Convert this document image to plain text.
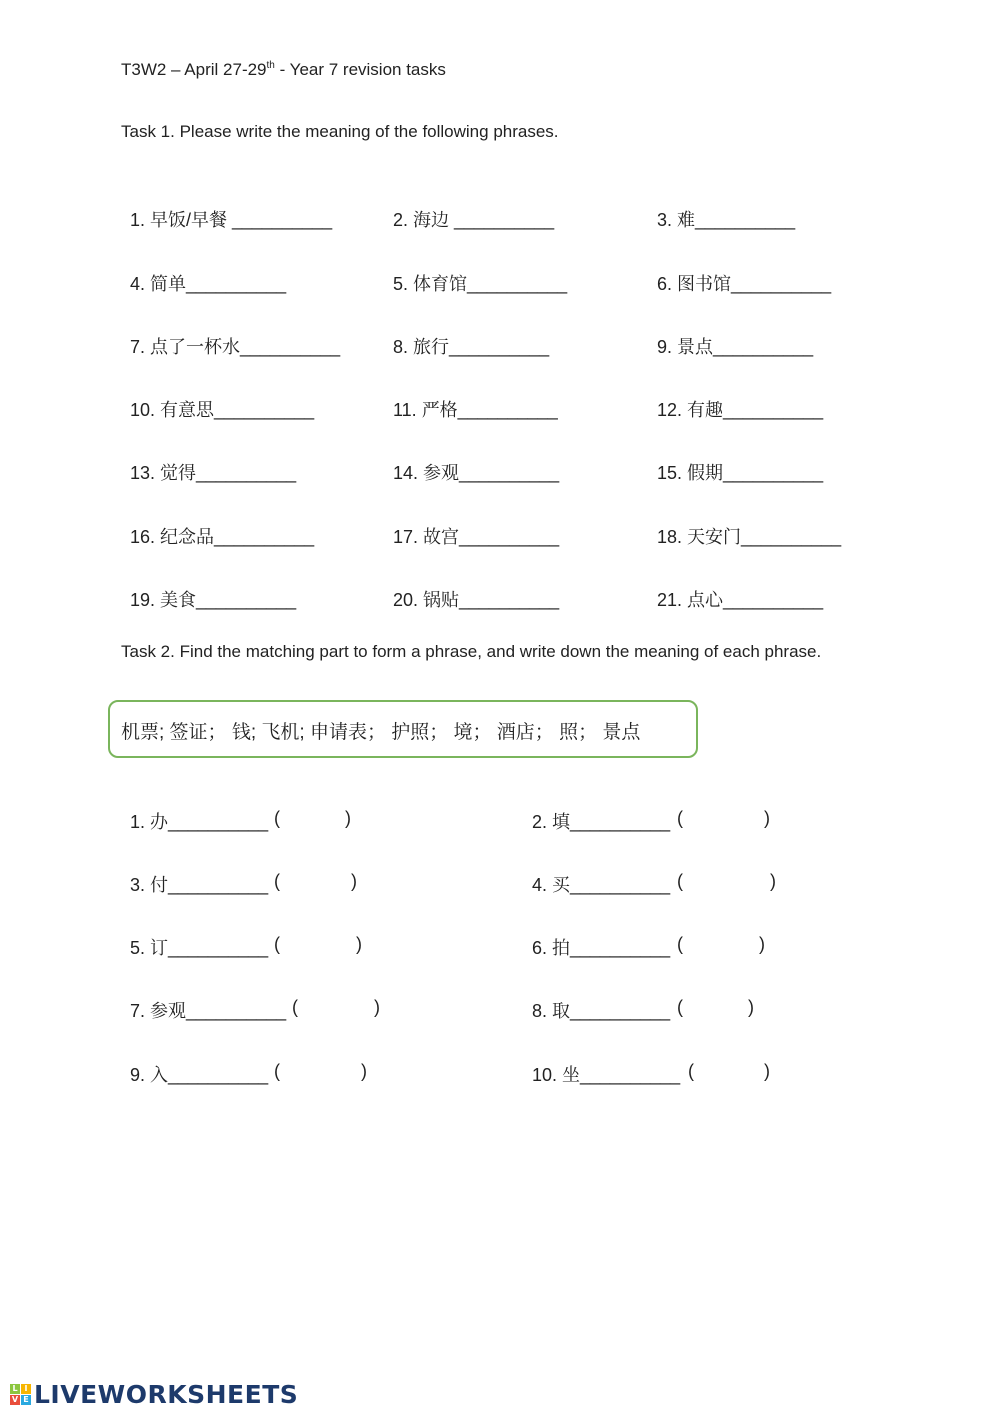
T3W2 – April 27-29th - Year 7 revision tasks
Task 1. Please write the meaning of the following phrases.
1. 早饭/早餐 __________	2. 海边 __________	3. 难__________
4. 简单__________	5. 体育馆__________	6. 图书馆__________
7. 点了一杯水__________	8. 旅行__________	9. 景点__________
10. 有意思__________	11. 严格__________	12. 有趣__________
13. 觉得__________	14. 参观__________	15. 假期__________
16. 纪念品__________	17. 故宫__________	18. 天安门__________
19. 美食__________	20. 锅贴__________	21. 点心__________
Task 2. Find the matching part to form a phrase, and write down the meaning of each phrase.
机票; 签证； 钱; 飞机; 申请表； 护照； 境； 酒店； 照； 景点
1. 办__________ (	)	2. 填__________ (	)
3. 付__________ (	)	4. 买__________ (	)
5. 订__________ (	)	6. 拍__________ (	)
7. 参观__________ (	)	8. 取__________ (	)
9. 入__________ (	)	10. 坐__________ (	)
L I
V E LIVEWORKSHEETS
